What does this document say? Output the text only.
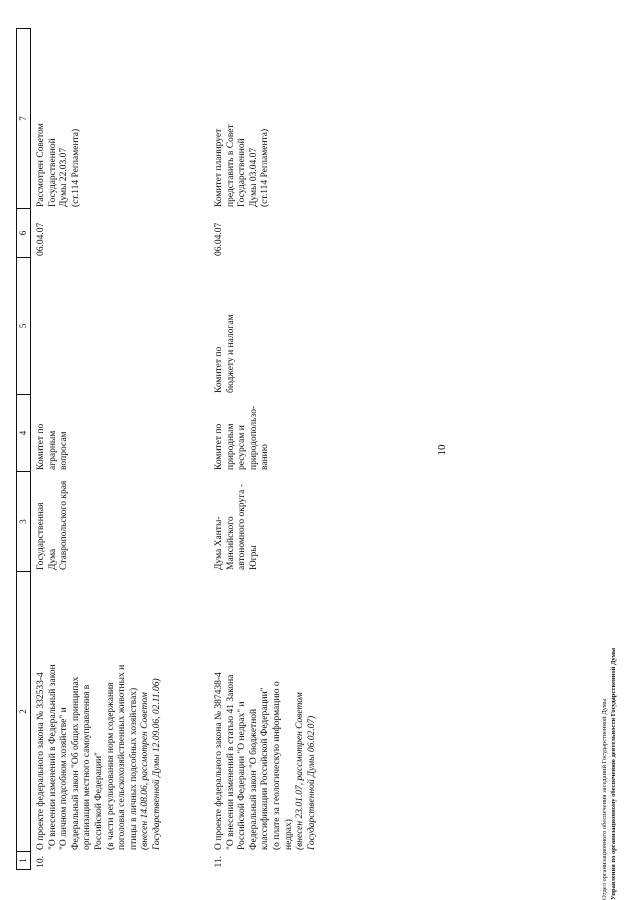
10
1
2
3
4
5
6
7
10.
О проекте федерального закона № 332533-4 "О внесении изменений в Федеральный закон "О личном подсобном хозяйстве" и Федеральный закон "Об общих принципах организации местного самоуправления в Российской Федерации" (в части регулирования норм содержания поголовья сельскохозяйственных животных и птицы в личных подсобных хозяйствах) (внесен 14.08.06, рассмотрен Советом Государственной Думы 12.09.06, 02.11.06)
Государственная Дума Ставропольского края
Комитет по аграрным вопросам
06.04.07
Рассмотрен Советом Государственной Думы 22.03.07 (ст.114 Регламента)
11.
О проекте федерального закона № 387438-4 "О внесении изменений в статью 41 Закона Российской Федерации "О недрах" и Федеральный закон "О бюджетной классификации Российской Федерации" (о плате за геологическую информацию о недрах) (внесен 23.01.07, рассмотрен Советом Государственной Думы 06.02.07)
Дума Ханты- Мансийского автономного округа - Югры
Комитет по природным ресурсам и природопользо- ванию
Комитет по бюджету и налогам
06.04.07
Комитет планирует представить в Совет Государственной Думы 03.04.07 (ст.114 Регламента)
Отдел организационного обеспечения заседаний Государственной Думы Управления по организационному обеспечению деятельности Государственной Думы
